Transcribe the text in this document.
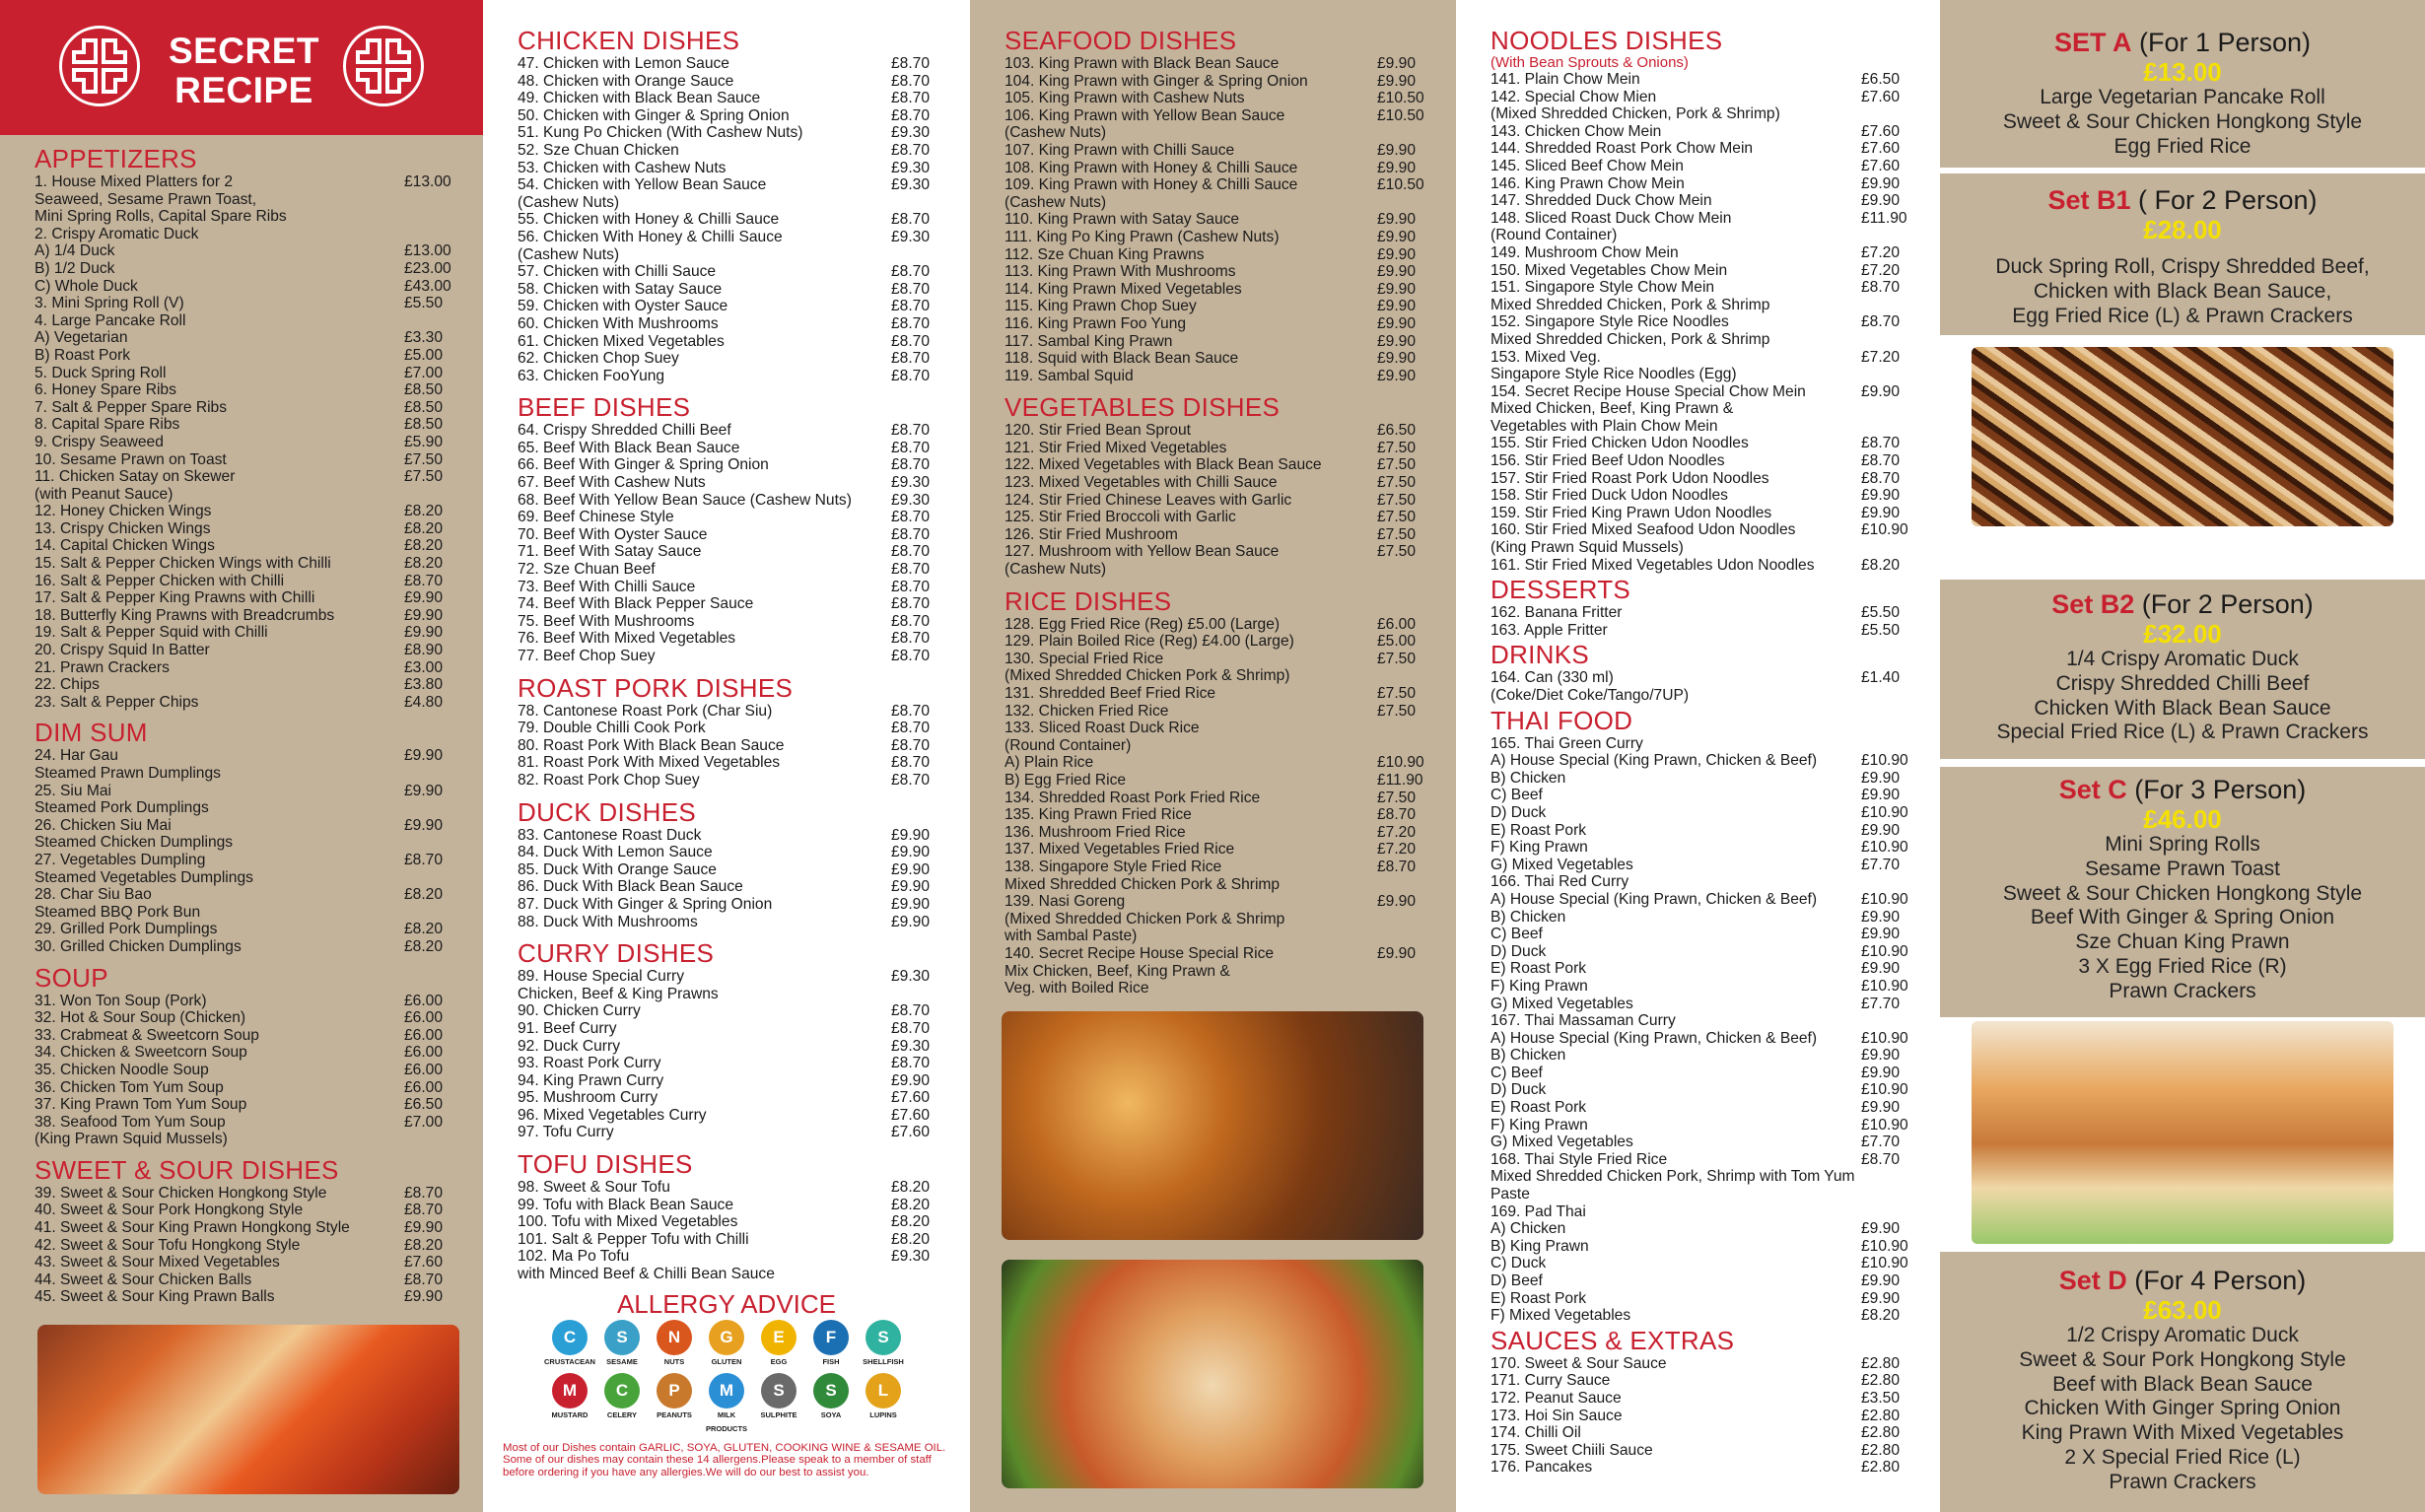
SECRET
RECIPE
APPETIZERS
1. House Mixed Platters for 2	£13.00
Seaweed, Sesame Prawn Toast,
Mini Spring Rolls, Capital Spare Ribs
2. Crispy Aromatic Duck
A) 1/4 Duck	£13.00
B) 1/2 Duck	£23.00
C) Whole Duck	£43.00
3. Mini Spring Roll (V)	£5.50
4. Large Pancake Roll
A) Vegetarian	£3.30
B) Roast Pork	£5.00
5. Duck Spring Roll	£7.00
6. Honey Spare Ribs	£8.50
7. Salt & Pepper Spare Ribs	£8.50
8. Capital Spare Ribs	£8.50
9. Crispy Seaweed	£5.90
10. Sesame Prawn on Toast	£7.50
11. Chicken Satay on Skewer	£7.50
(with Peanut Sauce)
12. Honey Chicken Wings	£8.20
13. Crispy Chicken Wings	£8.20
14. Capital Chicken Wings	£8.20
15. Salt & Pepper Chicken Wings with Chilli	£8.20
16. Salt & Pepper Chicken with Chilli	£8.70
17. Salt & Pepper King Prawns with Chilli	£9.90
18. Butterfly King Prawns with Breadcrumbs	£9.90
19. Salt & Pepper Squid with Chilli	£9.90
20. Crispy Squid In Batter	£8.90
21. Prawn Crackers	£3.00
22. Chips	£3.80
23. Salt & Pepper Chips	£4.80
DIM SUM
24. Har Gau	£9.90
Steamed Prawn Dumplings
25. Siu Mai	£9.90
Steamed Pork Dumplings
26. Chicken Siu Mai	£9.90
Steamed Chicken Dumplings
27. Vegetables Dumpling	£8.70
Steamed Vegetables Dumplings
28. Char Siu Bao	£8.20
Steamed BBQ Pork Bun
29. Grilled Pork Dumplings	£8.20
30. Grilled Chicken Dumplings	£8.20
SOUP
31. Won Ton Soup (Pork)	£6.00
32. Hot & Sour Soup (Chicken)	£6.00
33. Crabmeat & Sweetcorn Soup	£6.00
34. Chicken & Sweetcorn Soup	£6.00
35. Chicken Noodle Soup	£6.00
36. Chicken Tom Yum Soup	£6.00
37. King Prawn Tom Yum Soup	£6.50
38. Seafood Tom Yum Soup	£7.00
(King Prawn Squid Mussels)
SWEET & SOUR DISHES
39. Sweet & Sour Chicken Hongkong Style	£8.70
40. Sweet & Sour Pork Hongkong Style	£8.70
41. Sweet & Sour King Prawn Hongkong Style	£9.90
42. Sweet & Sour Tofu Hongkong Style	£8.20
43. Sweet & Sour Mixed Vegetables	£7.60
44. Sweet & Sour Chicken Balls	£8.70
45. Sweet & Sour King Prawn Balls	£9.90
CHICKEN DISHES
47. Chicken with Lemon Sauce	£8.70
48. Chicken with Orange Sauce	£8.70
49. Chicken with Black Bean Sauce	£8.70
50. Chicken with Ginger & Spring Onion	£8.70
51. Kung Po Chicken (With Cashew Nuts)	£9.30
52. Sze Chuan Chicken	£8.70
53. Chicken with Cashew Nuts	£9.30
54. Chicken with Yellow Bean Sauce	£9.30
(Cashew Nuts)
55. Chicken with Honey & Chilli Sauce	£8.70
56. Chicken With Honey & Chilli Sauce	£9.30
(Cashew Nuts)
57. Chicken with Chilli Sauce	£8.70
58. Chicken with Satay Sauce	£8.70
59. Chicken with Oyster Sauce	£8.70
60. Chicken With Mushrooms	£8.70
61. Chicken Mixed Vegetables	£8.70
62. Chicken Chop Suey	£8.70
63. Chicken FooYung	£8.70
BEEF DISHES
64. Crispy Shredded Chilli Beef	£8.70
65. Beef With Black Bean Sauce	£8.70
66. Beef With Ginger & Spring Onion	£8.70
67. Beef With Cashew Nuts	£9.30
68. Beef With Yellow Bean Sauce (Cashew Nuts)	£9.30
69. Beef Chinese Style	£8.70
70. Beef With Oyster Sauce	£8.70
71. Beef With Satay Sauce	£8.70
72. Sze Chuan Beef	£8.70
73. Beef With Chilli Sauce	£8.70
74. Beef With Black Pepper Sauce	£8.70
75. Beef With Mushrooms	£8.70
76. Beef With Mixed Vegetables	£8.70
77. Beef Chop Suey	£8.70
ROAST PORK DISHES
78. Cantonese Roast Pork (Char Siu)	£8.70
79. Double Chilli Cook Pork	£8.70
80. Roast Pork With Black Bean Sauce	£8.70
81. Roast Pork With Mixed Vegetables	£8.70
82. Roast Pork Chop Suey	£8.70
DUCK DISHES
83. Cantonese Roast Duck	£9.90
84. Duck With Lemon Sauce	£9.90
85. Duck With Orange Sauce	£9.90
86. Duck With Black Bean Sauce	£9.90
87. Duck With Ginger & Spring Onion	£9.90
88. Duck With Mushrooms	£9.90
CURRY DISHES
89. House Special Curry	£9.30
Chicken, Beef & King Prawns
90. Chicken Curry	£8.70
91. Beef Curry	£8.70
92. Duck Curry	£9.30
93. Roast Pork Curry	£8.70
94. King Prawn Curry	£9.90
95. Mushroom Curry	£7.60
96. Mixed Vegetables Curry	£7.60
97. Tofu Curry	£7.60
TOFU DISHES
98. Sweet & Sour Tofu	£8.20
99. Tofu with Black Bean Sauce	£8.20
100. Tofu with Mixed Vegetables	£8.20
101. Salt & Pepper Tofu with Chilli	£8.20
102. Ma Po Tofu	£9.30
with Minced Beef & Chilli Bean Sauce
ALLERGY ADVICE
C
CRUSTACEAN
S
SESAME
N
NUTS
G
GLUTEN
E
EGG
F
FISH
S
SHELLFISH
M
MUSTARD
C
CELERY
P
PEANUTS
M
MILK PRODUCTS
S
SULPHITE
S
SOYA
L
LUPINS
Most of our Dishes contain GARLIC, SOYA, GLUTEN, COOKING WINE & SESAME OIL. Some of our dishes may contain these 14 allergens.Please speak to a member of staff before ordering if you have any allergies.We will do our best to assist you.
SEAFOOD DISHES
103. King Prawn with Black Bean Sauce	£9.90
104. King Prawn with Ginger & Spring Onion	£9.90
105. King Prawn with Cashew Nuts	£10.50
106. King Prawn with Yellow Bean Sauce	£10.50
(Cashew Nuts)
107. King Prawn with Chilli Sauce	£9.90
108. King Prawn with Honey & Chilli Sauce	£9.90
109. King Prawn with Honey & Chilli Sauce	£10.50
(Cashew Nuts)
110. King Prawn with Satay Sauce	£9.90
111. King Po King Prawn (Cashew Nuts)	£9.90
112. Sze Chuan King Prawns	£9.90
113. King Prawn With Mushrooms	£9.90
114. King Prawn Mixed Vegetables	£9.90
115. King Prawn Chop Suey	£9.90
116. King Prawn Foo Yung	£9.90
117. Sambal King Prawn	£9.90
118. Squid with Black Bean Sauce	£9.90
119. Sambal Squid	£9.90
VEGETABLES DISHES
120. Stir Fried Bean Sprout	£6.50
121. Stir Fried Mixed Vegetables	£7.50
122. Mixed Vegetables with Black Bean Sauce	£7.50
123. Mixed Vegetables with Chilli Sauce	£7.50
124. Stir Fried Chinese Leaves with Garlic	£7.50
125. Stir Fried Broccoli with Garlic	£7.50
126. Stir Fried Mushroom	£7.50
127. Mushroom with Yellow Bean Sauce	£7.50
(Cashew Nuts)
RICE DISHES
128. Egg Fried Rice (Reg) £5.00 (Large)	£6.00
129. Plain Boiled Rice (Reg) £4.00 (Large)	£5.00
130. Special Fried Rice	£7.50
(Mixed Shredded Chicken Pork & Shrimp)
131. Shredded Beef Fried Rice	£7.50
132. Chicken Fried Rice	£7.50
133. Sliced Roast Duck Rice
(Round Container)
A) Plain Rice	£10.90
B) Egg Fried Rice	£11.90
134. Shredded Roast Pork Fried Rice	£7.50
135. King Prawn Fried Rice	£8.70
136. Mushroom Fried Rice	£7.20
137. Mixed Vegetables Fried Rice	£7.20
138. Singapore Style Fried Rice	£8.70
Mixed Shredded Chicken Pork & Shrimp
139. Nasi Goreng	£9.90
(Mixed Shredded Chicken Pork & Shrimp
with Sambal Paste)
140. Secret Recipe House Special Rice	£9.90
Mix Chicken, Beef, King Prawn &
Veg. with Boiled Rice
NOODLES DISHES
(With Bean Sprouts & Onions)
141. Plain Chow Mein	£6.50
142. Special Chow Mien	£7.60
(Mixed Shredded Chicken, Pork & Shrimp)
143. Chicken Chow Mein	£7.60
144. Shredded Roast Pork Chow Mein	£7.60
145. Sliced Beef Chow Mein	£7.60
146. King Prawn Chow Mein	£9.90
147. Shredded Duck Chow Mein	£9.90
148. Sliced Roast Duck Chow Mein	£11.90
(Round Container)
149. Mushroom Chow Mein	£7.20
150. Mixed Vegetables Chow Mein	£7.20
151. Singapore Style Chow Mein	£8.70
Mixed Shredded Chicken, Pork & Shrimp
152. Singapore Style Rice Noodles	£8.70
Mixed Shredded Chicken, Pork & Shrimp
153. Mixed Veg.	£7.20
Singapore Style Rice Noodles (Egg)
154. Secret Recipe House Special Chow Mein	£9.90
Mixed Chicken, Beef, King Prawn &
Vegetables with Plain Chow Mein
155. Stir Fried Chicken Udon Noodles	£8.70
156. Stir Fried Beef Udon Noodles	£8.70
157. Stir Fried Roast Pork Udon Noodles	£8.70
158. Stir Fried Duck Udon Noodles	£9.90
159. Stir Fried King Prawn Udon Noodles	£9.90
160. Stir Fried Mixed Seafood Udon Noodles	£10.90
(King Prawn Squid Mussels)
161. Stir Fried Mixed Vegetables Udon Noodles	£8.20
DESSERTS
162. Banana Fritter	£5.50
163. Apple Fritter	£5.50
DRINKS
164. Can (330 ml)	£1.40
(Coke/Diet Coke/Tango/7UP)
THAI FOOD
165. Thai Green Curry
A) House Special (King Prawn, Chicken & Beef)	£10.90
B) Chicken	£9.90
C) Beef	£9.90
D) Duck	£10.90
E) Roast Pork	£9.90
F) King Prawn	£10.90
G) Mixed Vegetables	£7.70
166. Thai Red Curry
A) House Special (King Prawn, Chicken & Beef)	£10.90
B) Chicken	£9.90
C) Beef	£9.90
D) Duck	£10.90
E) Roast Pork	£9.90
F) King Prawn	£10.90
G) Mixed Vegetables	£7.70
167. Thai Massaman Curry
A) House Special (King Prawn, Chicken & Beef)	£10.90
B) Chicken	£9.90
C) Beef	£9.90
D) Duck	£10.90
E) Roast Pork	£9.90
F) King Prawn	£10.90
G) Mixed Vegetables	£7.70
168. Thai Style Fried Rice	£8.70
Mixed Shredded Chicken Pork, Shrimp with Tom Yum
Paste
169. Pad Thai
A) Chicken	£9.90
B) King Prawn	£10.90
C) Duck	£10.90
D) Beef	£9.90
E) Roast Pork	£9.90
F) Mixed Vegetables	£8.20
SAUCES & EXTRAS
170. Sweet & Sour Sauce	£2.80
171. Curry Sauce	£2.80
172. Peanut Sauce	£3.50
173. Hoi Sin Sauce	£2.80
174. Chilli Oil	£2.80
175. Sweet Chiili Sauce	£2.80
176. Pancakes	£2.80
SET A (For 1 Person)
£13.00
Large Vegetarian Pancake Roll
Sweet & Sour Chicken Hongkong Style
Egg Fried Rice
Set B1 ( For 2 Person)
£28.00
Duck Spring Roll, Crispy Shredded Beef,
Chicken with Black Bean Sauce,
Egg Fried Rice (L) & Prawn Crackers
Set B2 (For 2 Person)
£32.00
1/4 Crispy Aromatic Duck
Crispy Shredded Chilli Beef
Chicken With Black Bean Sauce
Special Fried Rice (L) & Prawn Crackers
Set C (For 3 Person)
£46.00
Mini Spring Rolls
Sesame Prawn Toast
Sweet & Sour Chicken Hongkong Style
Beef With Ginger & Spring Onion
Sze Chuan King Prawn
3 X Egg Fried Rice (R)
Prawn Crackers
Set D (For 4 Person)
£63.00
1/2 Crispy Aromatic Duck
Sweet & Sour Pork Hongkong Style
Beef with Black Bean Sauce
Chicken With Ginger Spring Onion
King Prawn With Mixed Vegetables
2 X Special Fried Rice (L)
Prawn Crackers
